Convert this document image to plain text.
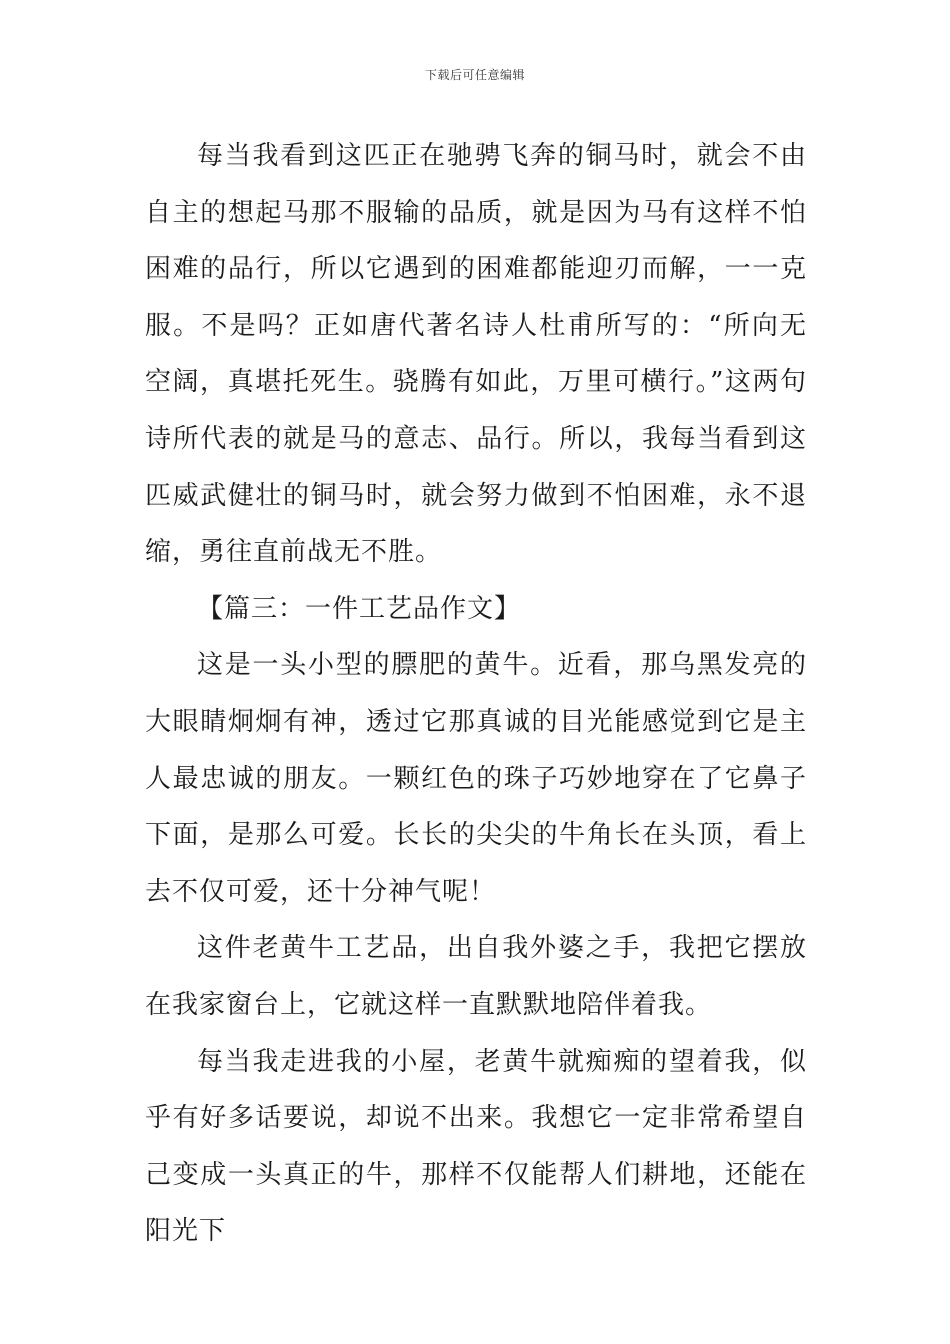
下载后可任意编辑

每当我看到这匹正在驰骋飞奔的铜马时，就会不由自主的想起马那不服输的品质，就是因为马有这样不怕困难的品行，所以它遇到的困难都能迎刃而解，一一克服。不是吗？正如唐代著名诗人杜甫所写的：“所向无空阔，真堪托死生。骁腾有如此，万里可横行。”这两句诗所代表的就是马的意志、品行。所以，我每当看到这匹威武健壮的铜马时，就会努力做到不怕困难，永不退缩，勇往直前战无不胜。

【篇三：一件工艺品作文】

这是一头小型的膘肥的黄牛。近看，那乌黑发亮的大眼睛炯炯有神，透过它那真诚的目光能感觉到它是主人最忠诚的朋友。一颗红色的珠子巧妙地穿在了它鼻子下面，是那么可爱。长长的尖尖的牛角长在头顶，看上去不仅可爱，还十分神气呢！

这件老黄牛工艺品，出自我外婆之手，我把它摆放在我家窗台上，它就这样一直默默地陪伴着我。

每当我走进我的小屋，老黄牛就痴痴的望着我，似乎有好多话要说，却说不出来。我想它一定非常希望自己变成一头真正的牛，那样不仅能帮人们耕地，还能在阳光下
